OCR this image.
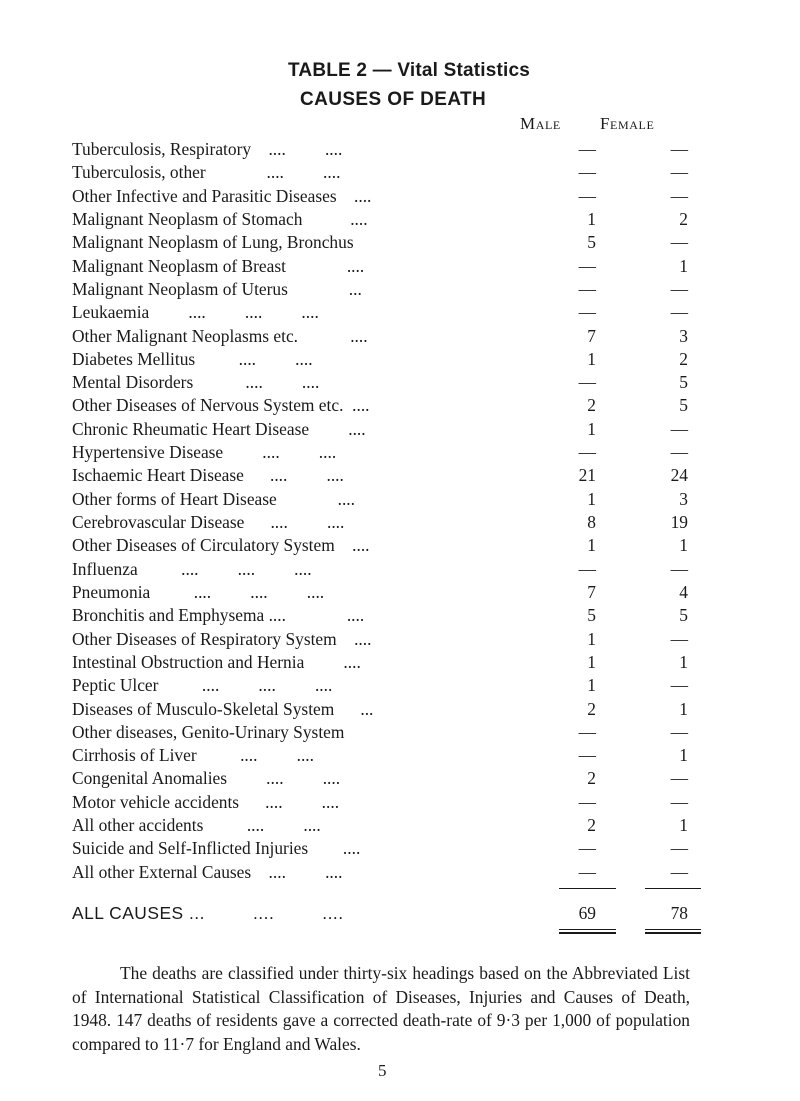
TABLE 2 — Vital Statistics
CAUSES OF DEATH
Male Female
Tuberculosis, Respiratory    ....         ....	—	—
Tuberculosis, other              ....         ....	—	—
Other Infective and Parasitic Diseases    ....	—	—
Malignant Neoplasm of Stomach           ....	1	2
Malignant Neoplasm of Lung, Bronchus	5	—
Malignant Neoplasm of Breast              ....	—	1
Malignant Neoplasm of Uterus              ...	—	—
Leukaemia         ....         ....         ....	—	—
Other Malignant Neoplasms etc.            ....	7	3
Diabetes Mellitus          ....         ....	1	2
Mental Disorders            ....         ....	—	5
Other Diseases of Nervous System etc.  ....	2	5
Chronic Rheumatic Heart Disease         ....	1	—
Hypertensive Disease         ....         ....	—	—
Ischaemic Heart Disease      ....         ....	21	24
Other forms of Heart Disease              ....	1	3
Cerebrovascular Disease      ....         ....	8	19
Other Diseases of Circulatory System    ....	1	1
Influenza          ....         ....         ....	—	—
Pneumonia          ....         ....         ....	7	4
Bronchitis and Emphysema ....              ....	5	5
Other Diseases of Respiratory System    ....	1	—
Intestinal Obstruction and Hernia         ....	1	1
Peptic Ulcer          ....         ....         ....	1	—
Diseases of Musculo-Skeletal System      ...	2	1
Other diseases, Genito-Urinary System	—	—
Cirrhosis of Liver          ....         ....	—	1
Congenital Anomalies         ....         ....	2	—
Motor vehicle accidents      ....         ....	—	—
All other accidents          ....         ....	2	1
Suicide and Self-Inflicted Injuries        ....	—	—
All other External Causes    ....         ....	—	—
ALL CAUSES ...         ....         ....	69	78

The deaths are classified under thirty-six headings based on the Abbreviated List of International Statistical Classification of Diseases, Injuries and Causes of Death, 1948. 147 deaths of residents gave a corrected death-rate of 9·3 per 1,000 of population compared to 11·7 for England and Wales.

5
